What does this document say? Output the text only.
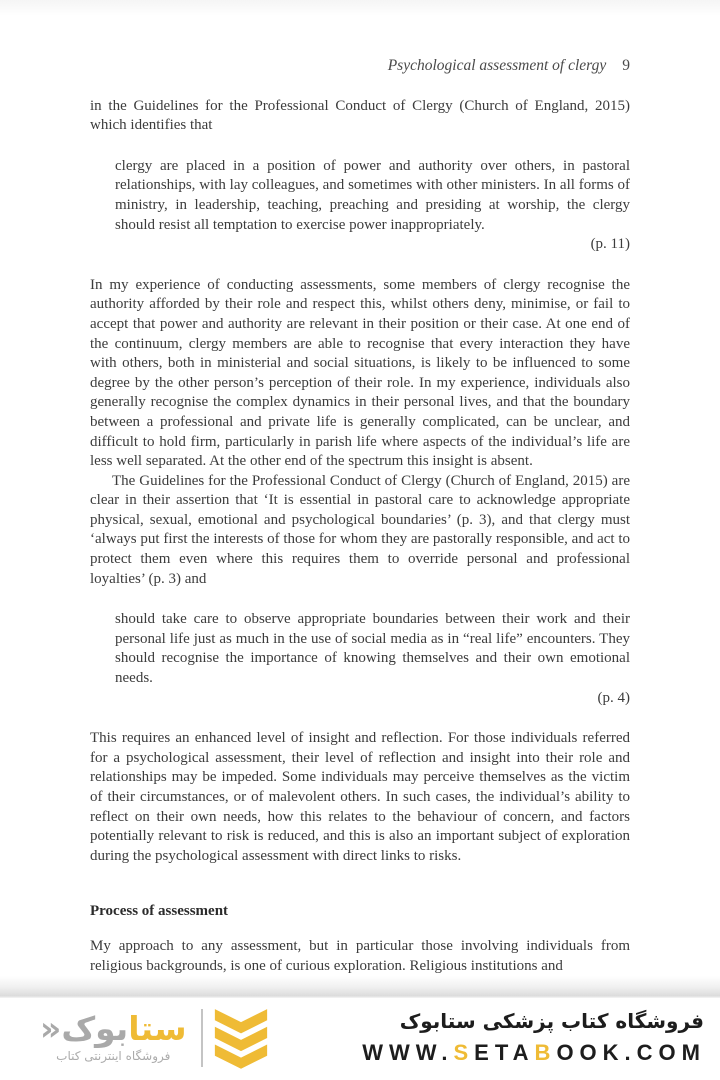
Psychological assessment of clergy 9

in the Guidelines for the Professional Conduct of Clergy (Church of England, 2015) which identifies that

clergy are placed in a position of power and authority over others, in pastoral relationships, with lay colleagues, and sometimes with other ministers. In all forms of ministry, in leadership, teaching, preaching and presiding at worship, the clergy should resist all temptation to exercise power inappropriately.

(p. 11)

In my experience of conducting assessments, some members of clergy recognise the authority afforded by their role and respect this, whilst others deny, minimise, or fail to accept that power and authority are relevant in their position or their case. At one end of the continuum, clergy members are able to recognise that every interaction they have with others, both in ministerial and social situations, is likely to be influenced to some degree by the other person’s perception of their role. In my experience, individuals also generally recognise the complex dynamics in their personal lives, and that the boundary between a professional and private life is generally complicated, can be unclear, and difficult to hold firm, particularly in parish life where aspects of the individual’s life are less well separated. At the other end of the spectrum this insight is absent.

The Guidelines for the Professional Conduct of Clergy (Church of England, 2015) are clear in their assertion that ‘It is essential in pastoral care to acknowledge appropriate physical, sexual, emotional and psychological boundaries’ (p. 3), and that clergy must ‘always put first the interests of those for whom they are pastorally responsible, and act to protect them even where this requires them to override personal and professional loyalties’ (p. 3) and

should take care to observe appropriate boundaries between their work and their personal life just as much in the use of social media as in “real life” encounters. They should recognise the importance of knowing themselves and their own emotional needs.

(p. 4)

This requires an enhanced level of insight and reflection. For those individuals referred for a psychological assessment, their level of reflection and insight into their role and relationships may be impeded. Some individuals may perceive themselves as the victim of their circumstances, or of malevolent others. In such cases, the individual’s ability to reflect on their own needs, how this relates to the behaviour of concern, and factors potentially relevant to risk is reduced, and this is also an important subject of exploration during the psychological assessment with direct links to risks.

Process of assessment

My approach to any assessment, but in particular those involving individuals from religious backgrounds, is one of curious exploration. Religious institutions and

ستابوک«
فروشگاه اینترنتی کتاب
فروشگاه کتاب پزشکی ستابوک
WWW.SETABOOK.COM
